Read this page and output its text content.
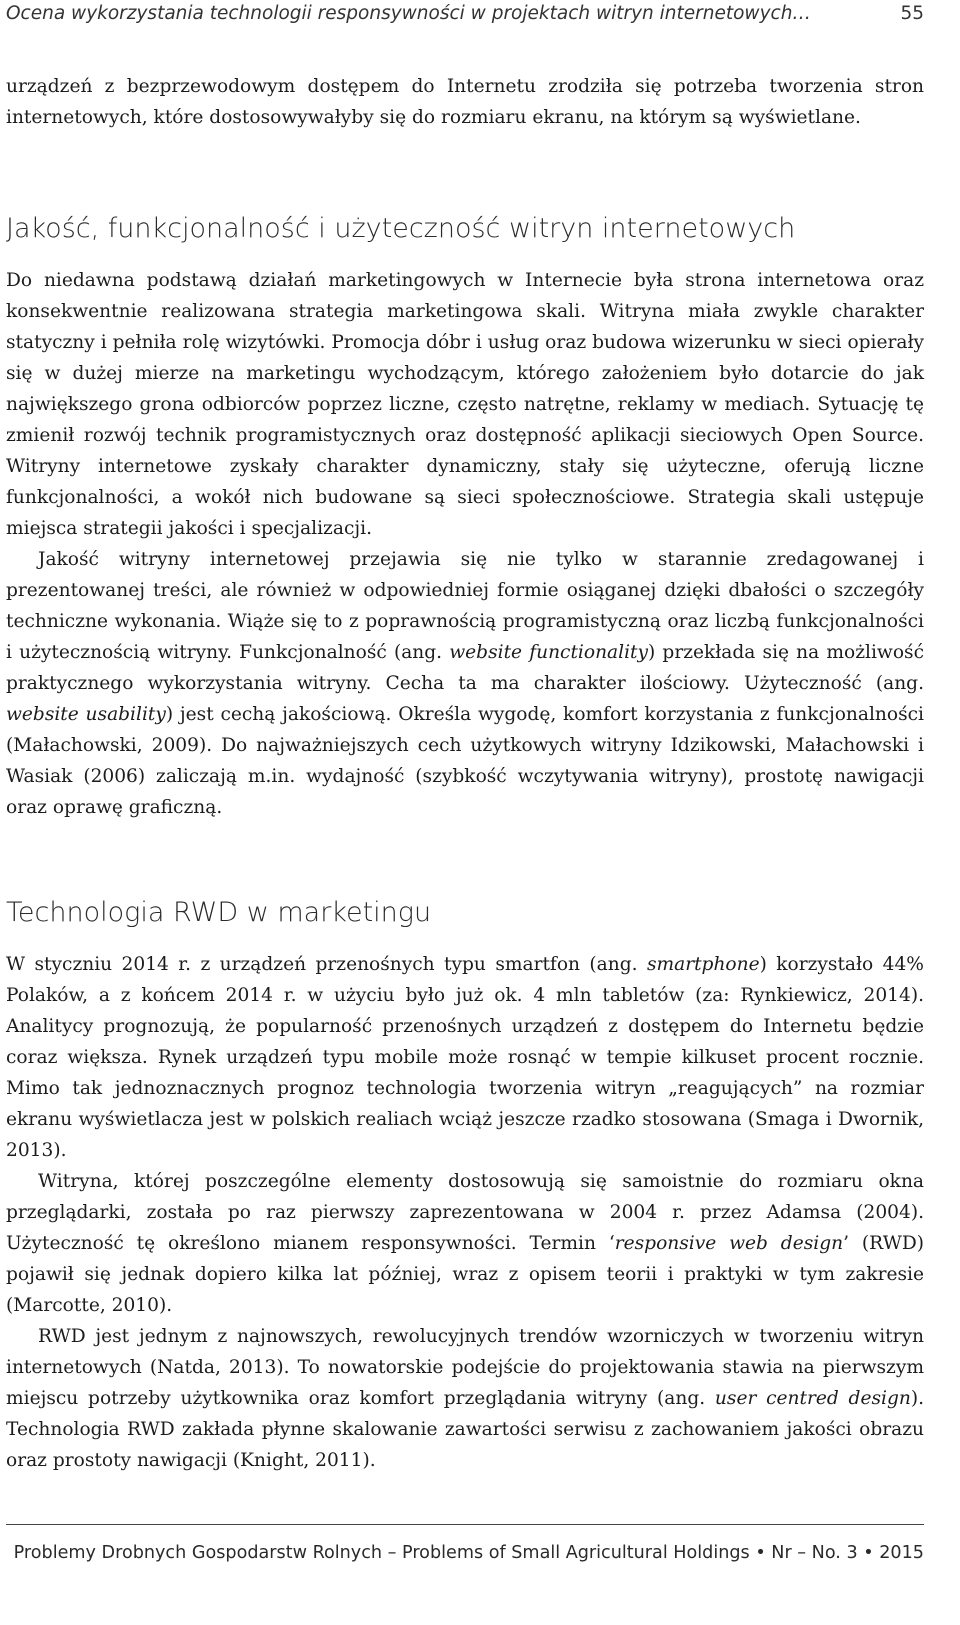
Ocena wykorzystania technologii responsywności w projektach witryn internetowych…	55

urządzeń z bezprzewodowym dostępem do Internetu zrodziła się potrzeba tworzenia stron internetowych, które dostosowywałyby się do rozmiaru ekranu, na którym są wyświetlane.

Jakość, funkcjonalność i użyteczność witryn internetowych

Do niedawna podstawą działań marketingowych w Internecie była strona internetowa oraz konsekwentnie realizowana strategia marketingowa skali. Witryna miała zwykle charakter statyczny i pełniła rolę wizytówki. Promocja dóbr i usług oraz budowa wizerunku w sieci opierały się w dużej mierze na marketingu wychodzącym, którego założeniem było dotarcie do jak największego grona odbiorców poprzez liczne, często natrętne, reklamy w mediach. Sytuację tę zmienił rozwój technik programistycznych oraz dostępność aplikacji sieciowych Open Source. Witryny internetowe zyskały charakter dynamiczny, stały się użyteczne, oferują liczne funkcjonalności, a wokół nich budowane są sieci społecznościowe. Strategia skali ustępuje miejsca strategii jakości i specjalizacji.

Jakość witryny internetowej przejawia się nie tylko w starannie zredagowanej i prezentowanej treści, ale również w odpowiedniej formie osiąganej dzięki dbałości o szczegóły techniczne wykonania. Wiąże się to z poprawnością programistyczną oraz liczbą funkcjonalności i użytecznością witryny. Funkcjonalność (ang. website functionality) przekłada się na możliwość praktycznego wykorzystania witryny. Cecha ta ma charakter ilościowy. Użyteczność (ang. website usability) jest cechą jakościową. Określa wygodę, komfort korzystania z funkcjonalności (Małachowski, 2009). Do najważniejszych cech użytkowych witryny Idzikowski, Małachowski i Wasiak (2006) zaliczają m.in. wydajność (szybkość wczytywania witryny), prostotę nawigacji oraz oprawę graficzną.

Technologia RWD w marketingu

W styczniu 2014 r. z urządzeń przenośnych typu smartfon (ang. smartphone) korzystało 44% Polaków, a z końcem 2014 r. w użyciu było już ok. 4 mln tabletów (za: Rynkiewicz, 2014). Analitycy prognozują, że popularność przenośnych urządzeń z dostępem do Internetu będzie coraz większa. Rynek urządzeń typu mobile może rosnąć w tempie kilkuset procent rocznie. Mimo tak jednoznacznych prognoz technologia tworzenia witryn „reagujących” na rozmiar ekranu wyświetlacza jest w polskich realiach wciąż jeszcze rzadko stosowana (Smaga i Dwornik, 2013).

Witryna, której poszczególne elementy dostosowują się samoistnie do rozmiaru okna przeglądarki, została po raz pierwszy zaprezentowana w 2004 r. przez Adamsa (2004). Użyteczność tę określono mianem responsywności. Termin ‘responsive web design’ (RWD) pojawił się jednak dopiero kilka lat później, wraz z opisem teorii i praktyki w tym zakresie (Marcotte, 2010).

RWD jest jednym z najnowszych, rewolucyjnych trendów wzorniczych w tworzeniu witryn internetowych (Natda, 2013). To nowatorskie podejście do projektowania stawia na pierwszym miejscu potrzeby użytkownika oraz komfort przeglądania witryny (ang. user centred design). Technologia RWD zakłada płynne skalowanie zawartości serwisu z zachowaniem jakości obrazu oraz prostoty nawigacji (Knight, 2011).

Problemy Drobnych Gospodarstw Rolnych – Problems of Small Agricultural Holdings • Nr – No. 3 • 2015
